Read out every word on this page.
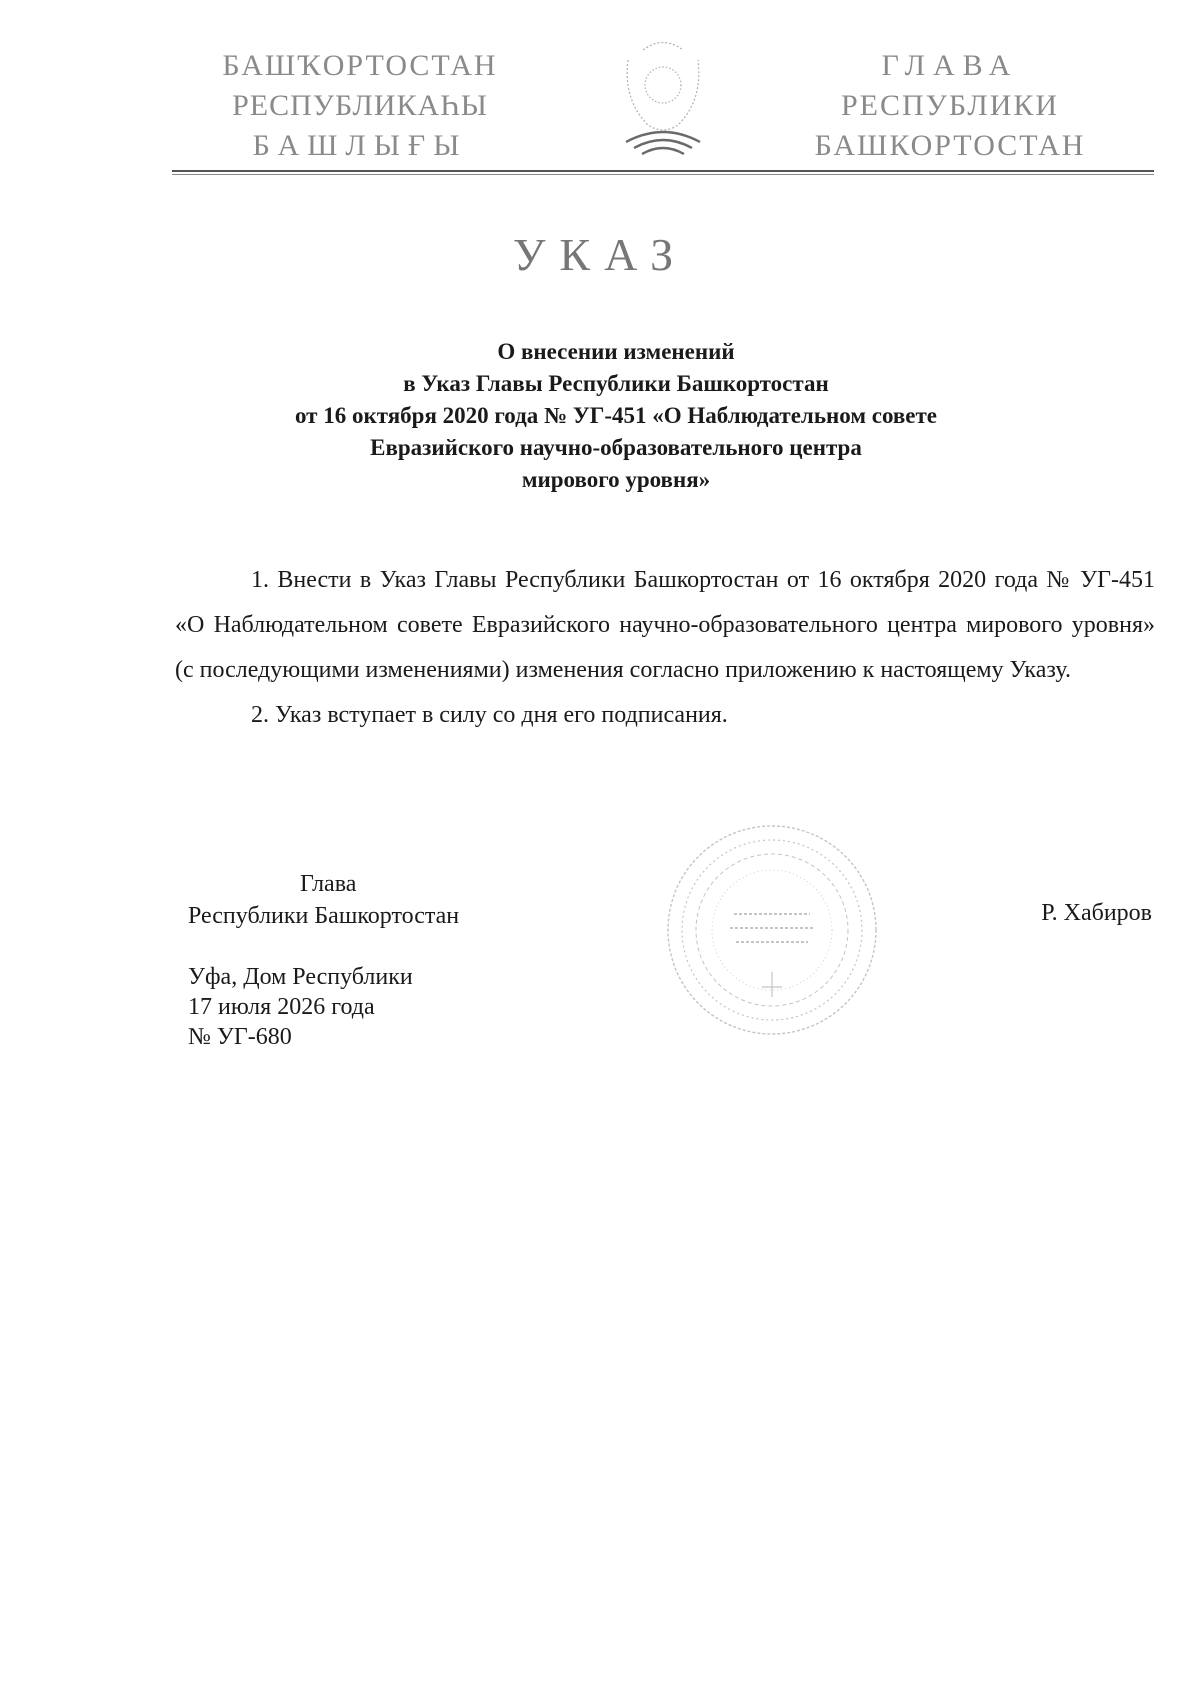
БАШҠОРТОСТАН
РЕСПУБЛИКАҺЫ
БАШЛЫҒЫ
ГЛАВА
РЕСПУБЛИКИ
БАШКОРТОСТАН
УКАЗ
О внесении изменений
в Указ Главы Республики Башкортостан
от 16 октября 2020 года № УГ-451 «О Наблюдательном совете
Евразийского научно-образовательного центра
мирового уровня»

1. Внести в Указ Главы Республики Башкортостан от 16 октября 2020 года № УГ-451 «О Наблюдательном совете Евразийского научно-образовательного центра мирового уровня» (с последующими изменениями) изменения согласно приложению к настоящему Указу.

2. Указ вступает в силу со дня его подписания.

Глава
Республики Башкортостан	Р. Хабиров
Уфа, Дом Республики
17 июля 2026 года
№ УГ-680
